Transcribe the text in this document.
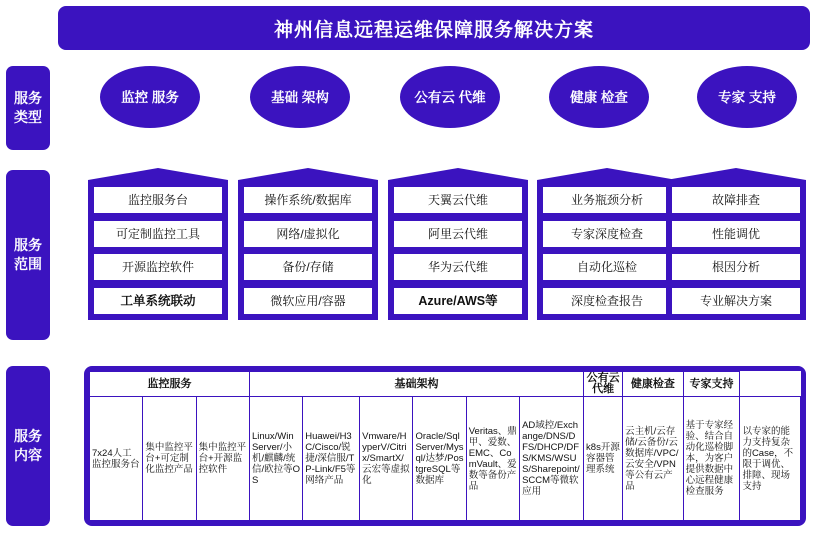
神州信息远程运维保障服务解决方案
服务
类型
服务
范围
服务
内容
监控 服务	基础 架构	公有云 代维	健康 检查	专家 支持
监控服务台
可定制监控工具
开源监控软件
工单系统联动
操作系统/数据库
网络/虚拟化
备份/存储
微软应用/容器
天翼云代维
阿里云代维
华为云代维
Azure/AWS等
业务瓶颈分析
专家深度检查
自动化巡检
深度检查报告
故障排查
性能调优
根因分析
专业解决方案
监控服务			基础架构						公有云代维	健康检查	专家支持	
7x24人工监控服务台	集中监控平台+可定制化监控产品	集中监控平台+开源监控软件	Linux/Win Server/小机/麒麟/统信/欧拉等OS	Huawei/H3C/Cisco/锐捷/深信服/TP-Link/F5等网络产品	Vmware/HyperV/Citrix/SmartX/云宏等虚拟化	Oracle/SqlServer/Mysql/达梦/PostgreSQL等数据库	Veritas、鼎甲、爱数、EMC、ComVault、爱数等备份产品	AD域控/Exchange/DNS/DFS/DHCP/DFS/KMS/WSUS/Sharepoint/SCCM等微软应用	k8s开源容器管理系统	云主机/云存储/云备份/云数据库/VPC/云安全/VPN等公有云产品	基于专家经验、结合自动化巡检脚本，为客户提供数据中心远程健康检查服务	以专家的能力支持复杂的Case，不限于调优、排障、现场支持
